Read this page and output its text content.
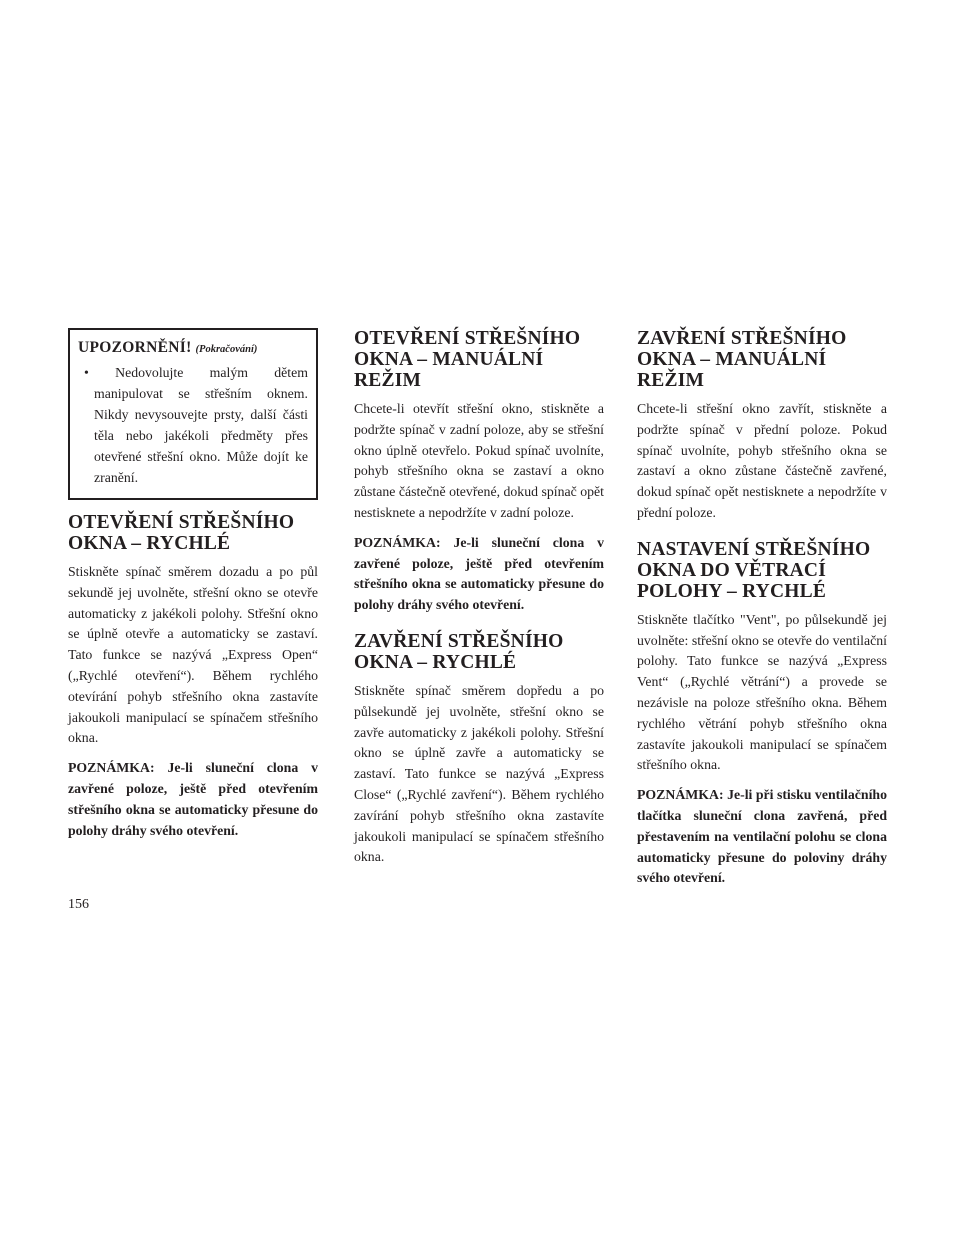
UPOZORNĚNÍ! (Pokračování)
• Nedovolujte malým dětem manipulovat se střešním oknem. Nikdy nevysouvejte prsty, další části těla nebo jakékoli předměty přes otevřené střešní okno. Může dojít ke zranění.
OTEVŘENÍ STŘEŠNÍHO OKNA – RYCHLÉ

Stiskněte spínač směrem dozadu a po půl sekundě jej uvolněte, střešní okno se otevře automaticky z jakékoli polohy. Střešní okno se úplně otevře a automaticky se zastaví. Tato funkce se nazývá „Express Open“ („Rychlé otevření“). Během rychlého otevírání pohyb střešního okna zastavíte jakoukoli manipulací se spínačem střešního okna.

POZNÁMKA: Je-li sluneční clona v zavřené poloze, ještě před otevřením střešního okna se automaticky přesune do polohy dráhy svého otevření.

OTEVŘENÍ STŘEŠNÍHO OKNA – MANUÁLNÍ REŽIM

Chcete-li otevřít střešní okno, stiskněte a podržte spínač v zadní poloze, aby se střešní okno úplně otevřelo. Pokud spínač uvolníte, pohyb střešního okna se zastaví a okno zůstane částečně otevřené, dokud spínač opět nestisknete a nepodržíte v zadní poloze.

POZNÁMKA: Je-li sluneční clona v zavřené poloze, ještě před otevřením střešního okna se automaticky přesune do polohy dráhy svého otevření.

ZAVŘENÍ STŘEŠNÍHO OKNA – RYCHLÉ

Stiskněte spínač směrem dopředu a po půlsekundě jej uvolněte, střešní okno se zavře automaticky z jakékoli polohy. Střešní okno se úplně zavře a automaticky se zastaví. Tato funkce se nazývá „Express Close“ („Rychlé zavření“). Během rychlého zavírání pohyb střešního okna zastavíte jakoukoli manipulací se spínačem střešního okna.

ZAVŘENÍ STŘEŠNÍHO OKNA – MANUÁLNÍ REŽIM

Chcete-li střešní okno zavřít, stiskněte a podržte spínač v přední poloze. Pokud spínač uvolníte, pohyb střešního okna se zastaví a okno zůstane částečně zavřené, dokud spínač opět nestisknete a nepodržíte v přední poloze.

NASTAVENÍ STŘEŠNÍHO OKNA DO VĚTRACÍ POLOHY – RYCHLÉ

Stiskněte tlačítko "Vent", po půlsekundě jej uvolněte: střešní okno se otevře do ventilační polohy. Tato funkce se nazývá „Express Vent“ („Rychlé větrání“) a provede se nezávisle na poloze střešního okna. Během rychlého větrání pohyb střešního okna zastavíte jakoukoli manipulací se spínačem střešního okna.

POZNÁMKA: Je-li při stisku ventilačního tlačítka sluneční clona zavřená, před přestavením na ventilační polohu se clona automaticky přesune do poloviny dráhy svého otevření.

156
